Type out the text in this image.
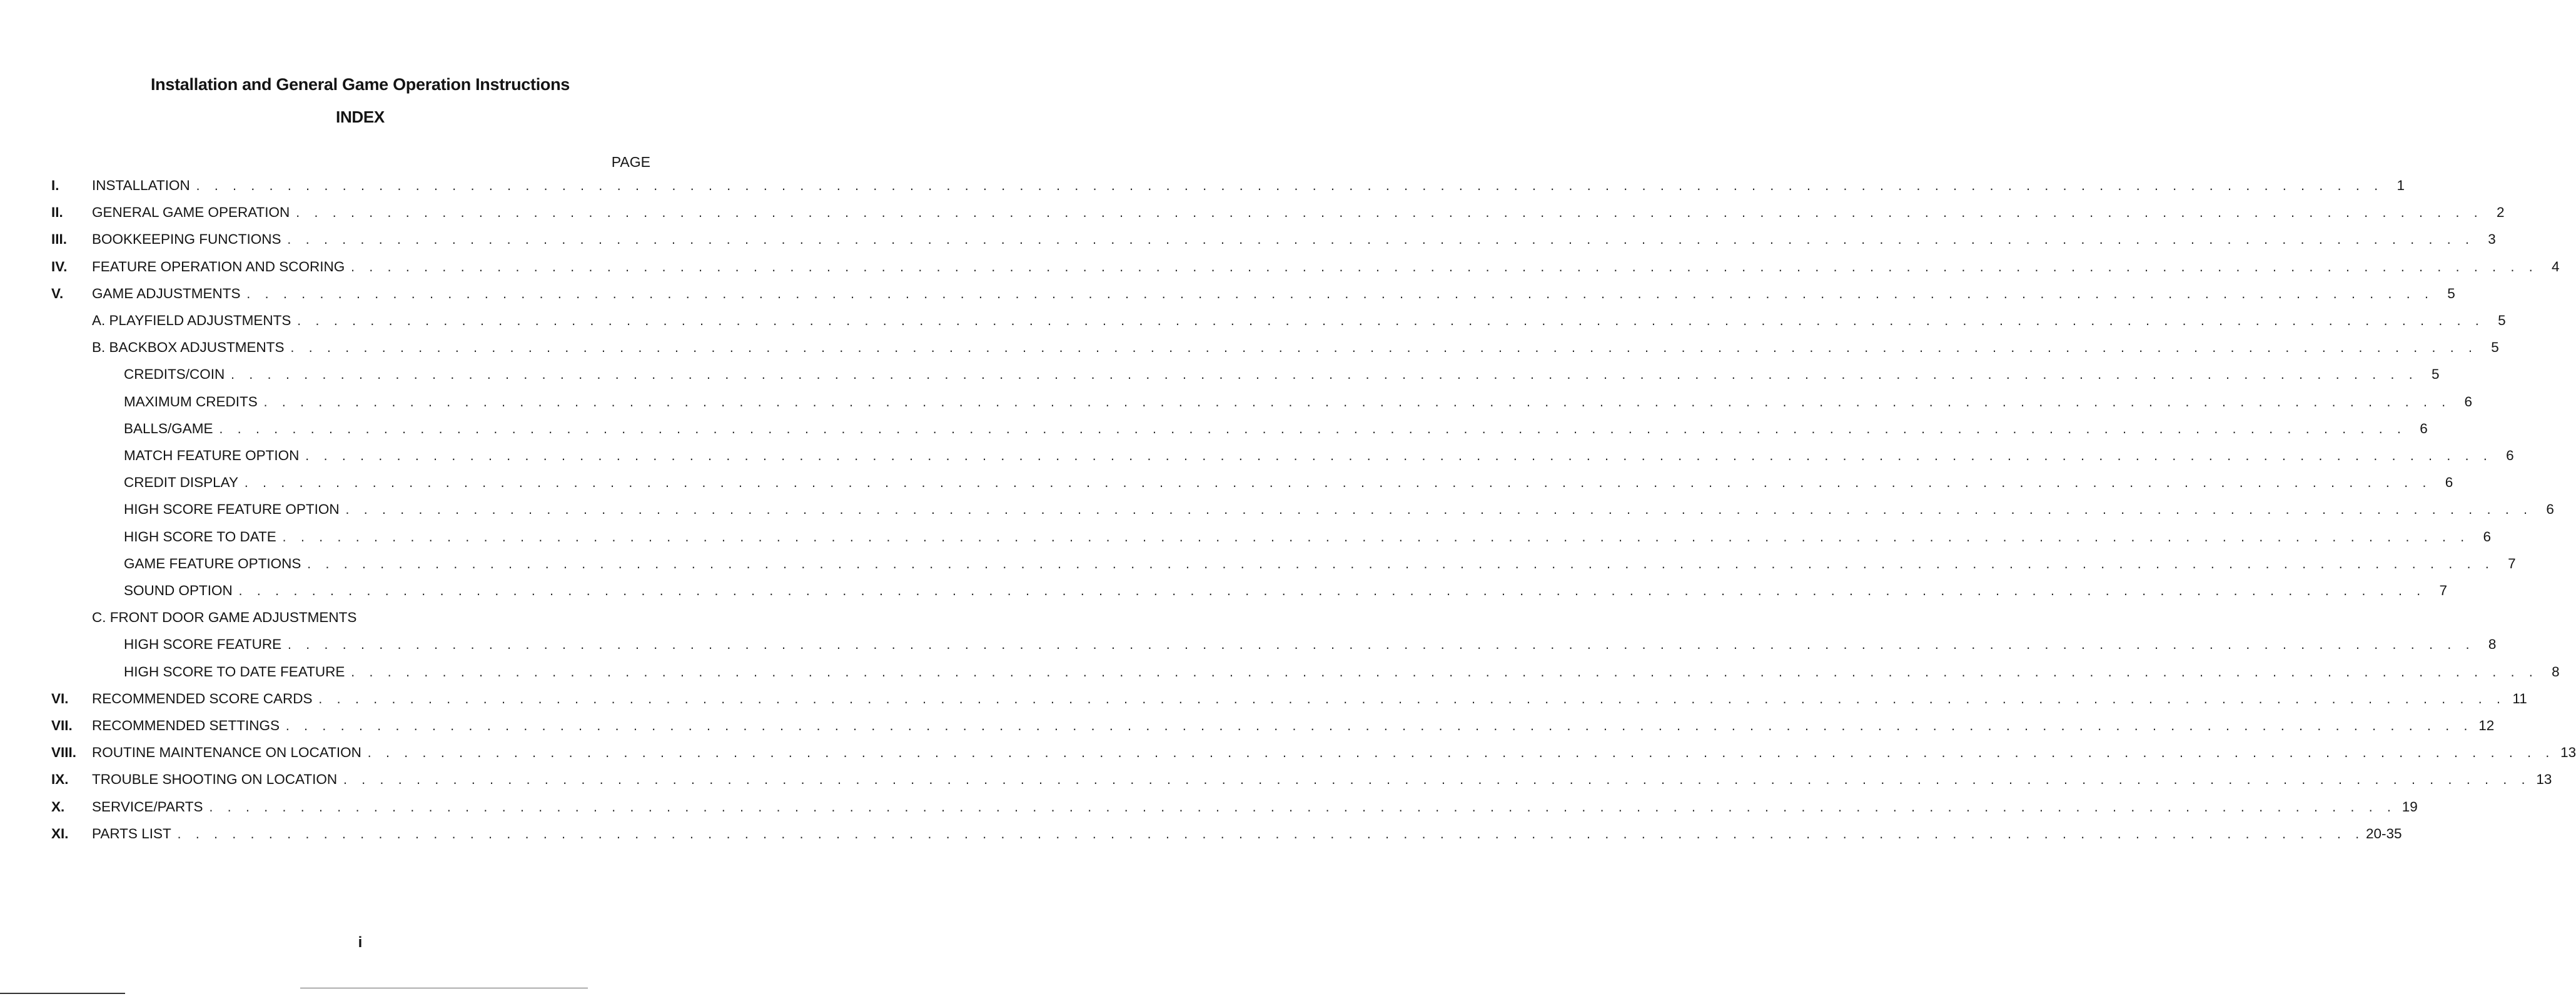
Installation and General Game Operation Instructions
INDEX
PAGE
I. INSTALLATION . . . . . . . . . . . . . . . . . . . . . . . . . . . . . . . . . . . . . . . . . . . . . . . . . . . . . . . . . . . . . . . . . . . . . . . . . . . . . . . . . . . . . . . . . . . . . . . . . . . . . . . . . . . . . . . . . . . . . . . .	1
II. GENERAL GAME OPERATION . . . . . . . . . . . . . . . . . . . . . . . . . . . . . . . . . . . . . . . . . . . . . . . . . . . . . . . . . . . . . . . . . . . . . . . . . . . . . . . . . . . . . . . . . . . . . . . . . . . . . . . . . . . . . . . . . . . . . . . .	2
III. BOOKKEEPING FUNCTIONS . . . . . . . . . . . . . . . . . . . . . . . . . . . . . . . . . . . . . . . . . . . . . . . . . . . . . . . . . . . . . . . . . . . . . . . . . . . . . . . . . . . . . . . . . . . . . . . . . . . . . . . . . . . . . . . . . . . . . . . .	3
IV. FEATURE OPERATION AND SCORING . . . . . . . . . . . . . . . . . . . . . . . . . . . . . . . . . . . . . . . . . . . . . . . . . . . . . . . . . . . . . . . . . . . . . . . . . . . . . . . . . . . . . . . . . . . . . . . . . . . . . . . . . . . . . . . . . . . . . . . .	4
V. GAME ADJUSTMENTS . . . . . . . . . . . . . . . . . . . . . . . . . . . . . . . . . . . . . . . . . . . . . . . . . . . . . . . . . . . . . . . . . . . . . . . . . . . . . . . . . . . . . . . . . . . . . . . . . . . . . . . . . . . . . . . . . . . . . . . .	5
A. PLAYFIELD ADJUSTMENTS . . . . . . . . . . . . . . . . . . . . . . . . . . . . . . . . . . . . . . . . . . . . . . . . . . . . . . . . . . . . . . . . . . . . . . . . . . . . . . . . . . . . . . . . . . . . . . . . . . . . . . . . . . . . . . . . . . . . . . . .	5
B. BACKBOX ADJUSTMENTS . . . . . . . . . . . . . . . . . . . . . . . . . . . . . . . . . . . . . . . . . . . . . . . . . . . . . . . . . . . . . . . . . . . . . . . . . . . . . . . . . . . . . . . . . . . . . . . . . . . . . . . . . . . . . . . . . . . . . . . .	5
CREDITS/COIN . . . . . . . . . . . . . . . . . . . . . . . . . . . . . . . . . . . . . . . . . . . . . . . . . . . . . . . . . . . . . . . . . . . . . . . . . . . . . . . . . . . . . . . . . . . . . . . . . . . . . . . . . . . . . . . . . . . . . . . .	5
MAXIMUM CREDITS . . . . . . . . . . . . . . . . . . . . . . . . . . . . . . . . . . . . . . . . . . . . . . . . . . . . . . . . . . . . . . . . . . . . . . . . . . . . . . . . . . . . . . . . . . . . . . . . . . . . . . . . . . . . . . . . . . . . . . . .	6
BALLS/GAME . . . . . . . . . . . . . . . . . . . . . . . . . . . . . . . . . . . . . . . . . . . . . . . . . . . . . . . . . . . . . . . . . . . . . . . . . . . . . . . . . . . . . . . . . . . . . . . . . . . . . . . . . . . . . . . . . . . . . . . .	6
MATCH FEATURE OPTION . . . . . . . . . . . . . . . . . . . . . . . . . . . . . . . . . . . . . . . . . . . . . . . . . . . . . . . . . . . . . . . . . . . . . . . . . . . . . . . . . . . . . . . . . . . . . . . . . . . . . . . . . . . . . . . . . . . . . . . .	6
CREDIT DISPLAY . . . . . . . . . . . . . . . . . . . . . . . . . . . . . . . . . . . . . . . . . . . . . . . . . . . . . . . . . . . . . . . . . . . . . . . . . . . . . . . . . . . . . . . . . . . . . . . . . . . . . . . . . . . . . . . . . . . . . . . .	6
HIGH SCORE FEATURE OPTION . . . . . . . . . . . . . . . . . . . . . . . . . . . . . . . . . . . . . . . . . . . . . . . . . . . . . . . . . . . . . . . . . . . . . . . . . . . . . . . . . . . . . . . . . . . . . . . . . . . . . . . . . . . . . . . . . . . . . . . .	6
HIGH SCORE TO DATE . . . . . . . . . . . . . . . . . . . . . . . . . . . . . . . . . . . . . . . . . . . . . . . . . . . . . . . . . . . . . . . . . . . . . . . . . . . . . . . . . . . . . . . . . . . . . . . . . . . . . . . . . . . . . . . . . . . . . . . .	6
GAME FEATURE OPTIONS . . . . . . . . . . . . . . . . . . . . . . . . . . . . . . . . . . . . . . . . . . . . . . . . . . . . . . . . . . . . . . . . . . . . . . . . . . . . . . . . . . . . . . . . . . . . . . . . . . . . . . . . . . . . . . . . . . . . . . . .	7
SOUND OPTION . . . . . . . . . . . . . . . . . . . . . . . . . . . . . . . . . . . . . . . . . . . . . . . . . . . . . . . . . . . . . . . . . . . . . . . . . . . . . . . . . . . . . . . . . . . . . . . . . . . . . . . . . . . . . . . . . . . . . . . .	7
C. FRONT DOOR GAME ADJUSTMENTS
HIGH SCORE FEATURE . . . . . . . . . . . . . . . . . . . . . . . . . . . . . . . . . . . . . . . . . . . . . . . . . . . . . . . . . . . . . . . . . . . . . . . . . . . . . . . . . . . . . . . . . . . . . . . . . . . . . . . . . . . . . . . . . . . . . . . .	8
HIGH SCORE TO DATE FEATURE . . . . . . . . . . . . . . . . . . . . . . . . . . . . . . . . . . . . . . . . . . . . . . . . . . . . . . . . . . . . . . . . . . . . . . . . . . . . . . . . . . . . . . . . . . . . . . . . . . . . . . . . . . . . . . . . . . . . . . . .	8
VI. RECOMMENDED SCORE CARDS . . . . . . . . . . . . . . . . . . . . . . . . . . . . . . . . . . . . . . . . . . . . . . . . . . . . . . . . . . . . . . . . . . . . . . . . . . . . . . . . . . . . . . . . . . . . . . . . . . . . . . . . . . . . . . . . . . . . . . . . 11
VII. RECOMMENDED SETTINGS . . . . . . . . . . . . . . . . . . . . . . . . . . . . . . . . . . . . . . . . . . . . . . . . . . . . . . . . . . . . . . . . . . . . . . . . . . . . . . . . . . . . . . . . . . . . . . . . . . . . . . . . . . . . . . . . . . . . . . . . 12
VIII. ROUTINE MAINTENANCE ON LOCATION . . . . . . . . . . . . . . . . . . . . . . . . . . . . . . . . . . . . . . . . . . . . . . . . . . . . . . . . . . . . . . . . . . . . . . . . . . . . . . . . . . . . . . . . . . . . . . . . . . . . . . . . . . . . . . . . . . . . . . . . 13
IX. TROUBLE SHOOTING ON LOCATION . . . . . . . . . . . . . . . . . . . . . . . . . . . . . . . . . . . . . . . . . . . . . . . . . . . . . . . . . . . . . . . . . . . . . . . . . . . . . . . . . . . . . . . . . . . . . . . . . . . . . . . . . . . . . . . . . . . . . . . . 13
X. SERVICE/PARTS . . . . . . . . . . . . . . . . . . . . . . . . . . . . . . . . . . . . . . . . . . . . . . . . . . . . . . . . . . . . . . . . . . . . . . . . . . . . . . . . . . . . . . . . . . . . . . . . . . . . . . . . . . . . . . . . . . . . . . . . 19
XI. PARTS LIST . . . . . . . . . . . . . . . . . . . . . . . . . . . . . . . . . . . . . . . . . . . . . . . . . . . . . . . . . . . . . . . . . . . . . . . . . . . . . . . . . . . . . . . . . . . . . . . . . . . . . . . . . . . . . . . . . . . . . . . . 20-35
i
